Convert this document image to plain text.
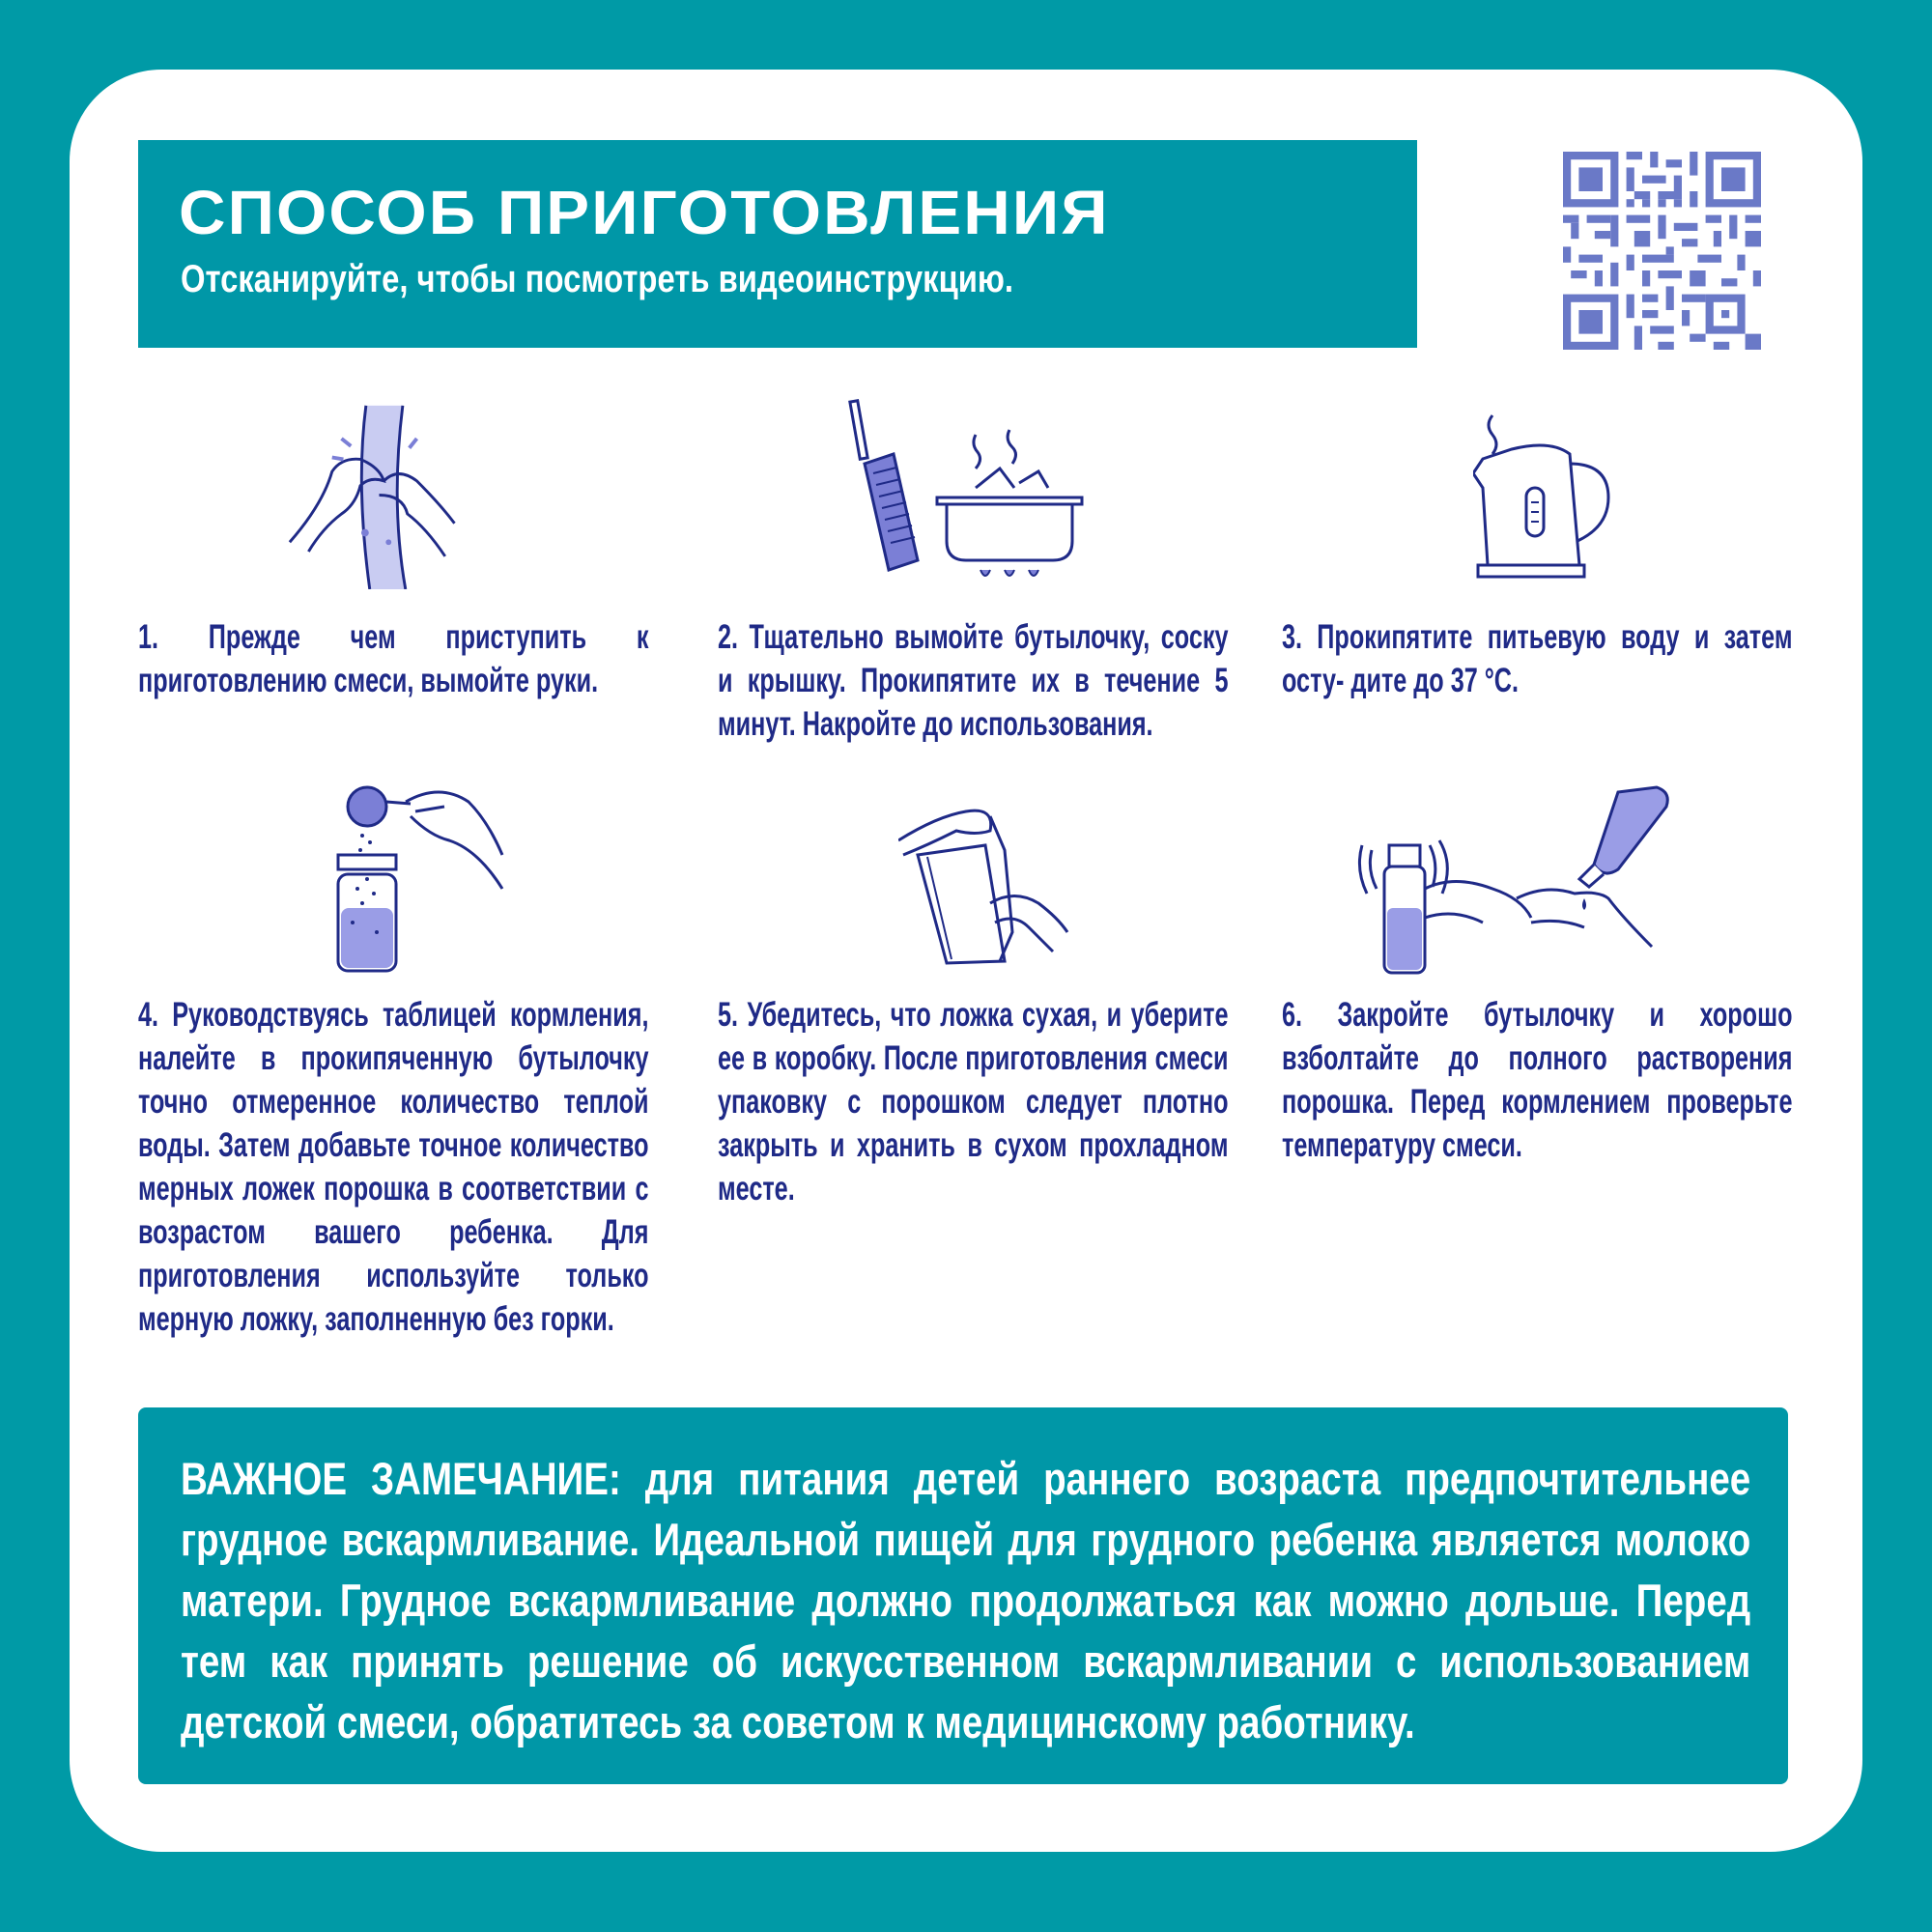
СПОСОБ ПРИГОТОВЛЕНИЯ

Отсканируйте, чтобы посмотреть видеоинструкцию.

1. Прежде чем приступить к приготовлению смеси, вымойте руки.

2. Тщательно вымойте бутылочку, соску и крышку. Прокипятите их в течение 5 минут. Накройте до использования.

3. Прокипятите питьевую воду и затем осту- дите до 37 °С.

4. Руководствуясь таблицей кормления, налейте в прокипяченную бутылочку точно отмеренное количество теплой воды. Затем добавьте точное количество мерных ложек порошка в соответствии с возрастом вашего ребенка. Для приготовления используйте только мерную ложку, заполненную без горки.

5. Убедитесь, что ложка сухая, и уберите ее в коробку. После приготовления смеси упаковку с порошком следует плотно закрыть и хранить в сухом прохладном месте.

6. Закройте бутылочку и хорошо взболтайте до полного растворения порошка. Перед кормлением проверьте температуру смеси.

ВАЖНОЕ ЗАМЕЧАНИЕ: для питания детей раннего возраста предпочтительнее грудное вскармливание. Идеальной пищей для грудного ребенка является молоко матери. Грудное вскармливание должно продолжаться как можно дольше. Перед тем как принять решение об искусственном вскармливании с использованием детской смеси, обратитесь за советом к медицинскому работнику.
